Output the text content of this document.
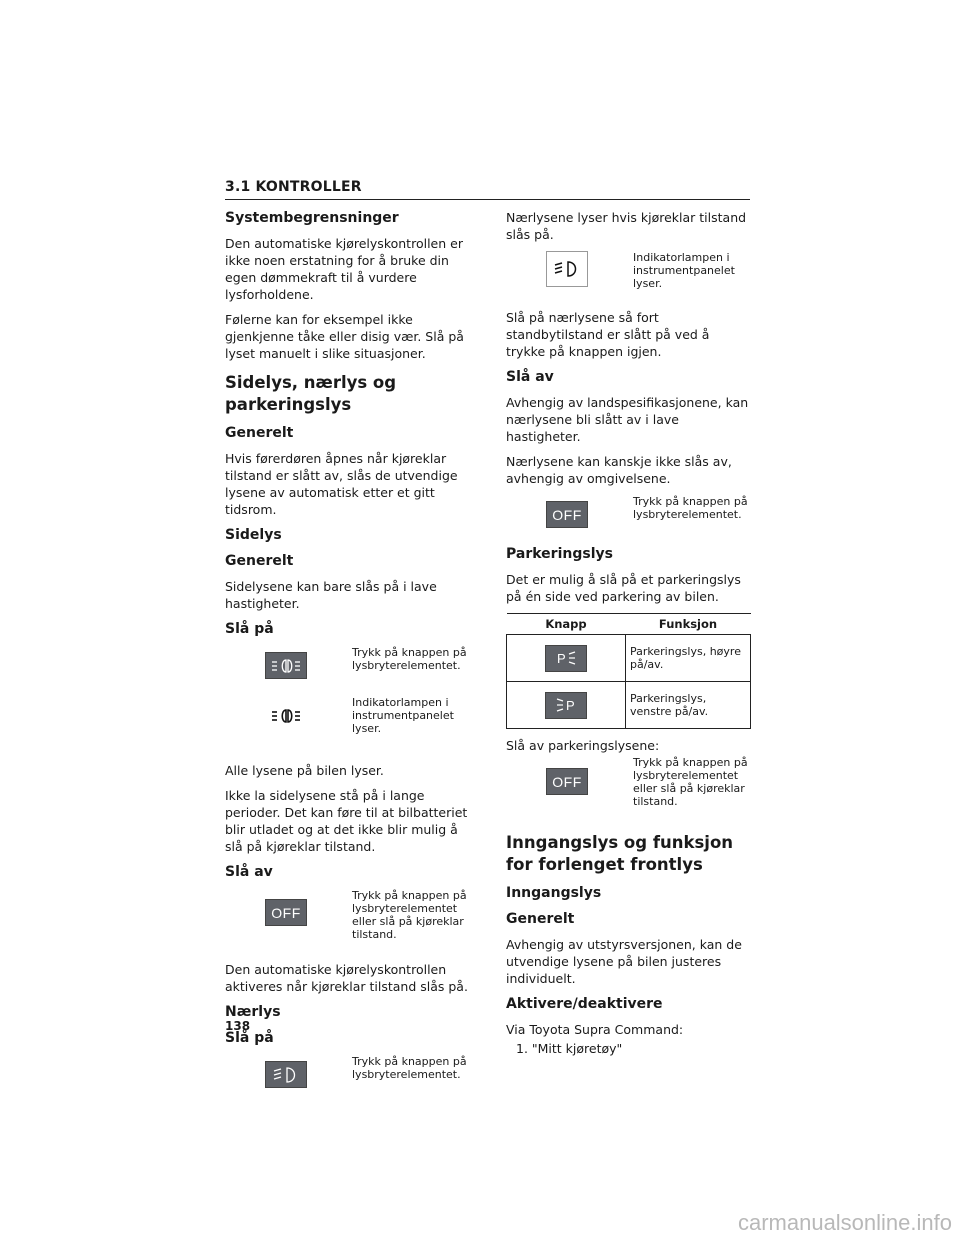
3.1 KONTROLLER
Systembegrensninger

Den automatiske kjørelyskontrollen er ikke noen erstatning for å bruke din egen dømmekraft til å vurdere lysforholdene.

Følerne kan for eksempel ikke gjenkjenne tåke eller disig vær. Slå på lyset manuelt i slike situasjoner.

Sidelys, nærlys og parkeringslys
Generelt

Hvis førerdøren åpnes når kjøreklar tilstand er slått av, slås de utvendige lysene av automatisk etter et gitt tidsrom.

Sidelys
Generelt

Sidelysene kan bare slås på i lave hastigheter.

Slå på
Trykk på knappen på lysbryterelementet.
Indikatorlampen i instrumentpanelet lyser.

Alle lysene på bilen lyser.

Ikke la sidelysene stå på i lange perioder. Det kan føre til at bilbatteriet blir utladet og at det ikke blir mulig å slå på kjøreklar tilstand.

Slå av
OFF
Trykk på knappen på lysbryterelementet eller slå på kjøreklar tilstand.

Den automatiske kjørelyskontrollen aktiveres når kjøreklar tilstand slås på.

Nærlys
Slå på
Trykk på knappen på lysbryterelementet.

Nærlysene lyser hvis kjøreklar tilstand slås på.

Indikatorlampen i instrumentpanelet lyser.

Slå på nærlysene så fort standbytilstand er slått på ved å trykke på knappen igjen.

Slå av

Avhengig av landspesifikasjonene, kan nærlysene bli slått av i lave hastigheter.

Nærlysene kan kanskje ikke slås av, avhengig av omgivelsene.

OFF
Trykk på knappen på lysbryterelementet.
Parkeringslys

Det er mulig å slå på et parkeringslys på én side ved parkering av bilen.

Knapp	Funksjon

P	Parkeringslys, høyre på/av.

P	Parkeringslys, venstre på/av.

Slå av parkeringslysene:

OFF
Trykk på knappen på lysbryterelementet eller slå på kjøreklar tilstand.
Inngangslys og funksjon for forlenget frontlys
Inngangslys
Generelt

Avhengig av utstyrsversjonen, kan de utvendige lysene på bilen justeres individuelt.

Aktivere/deaktivere

Via Toyota Supra Command:

1. "Mitt kjøretøy"
138
carmanualsonline.info
